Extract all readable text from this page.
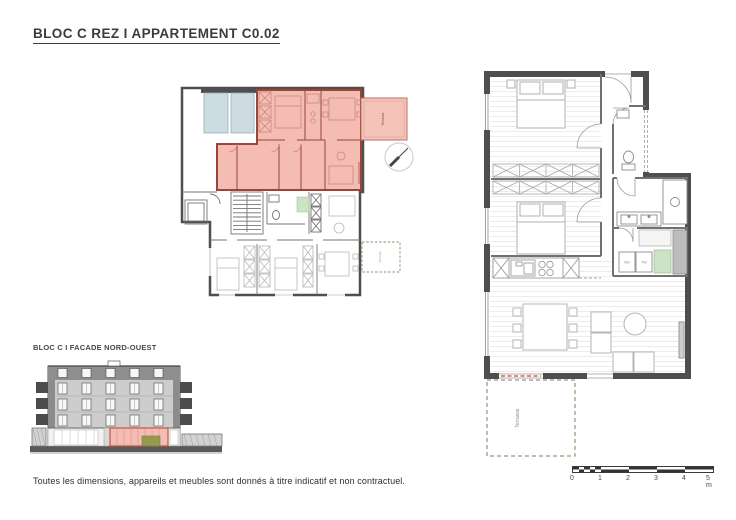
BLOC C REZ I APPARTEMENT C0.02
Terrasse
Terrasse
BLOC C I FACADE NORD-OUEST
WS	TW
Terrasse
0	1	2	3	4	5 m
Toutes les dimensions, appareils et meubles sont donnés à titre indicatif et non contractuel.
